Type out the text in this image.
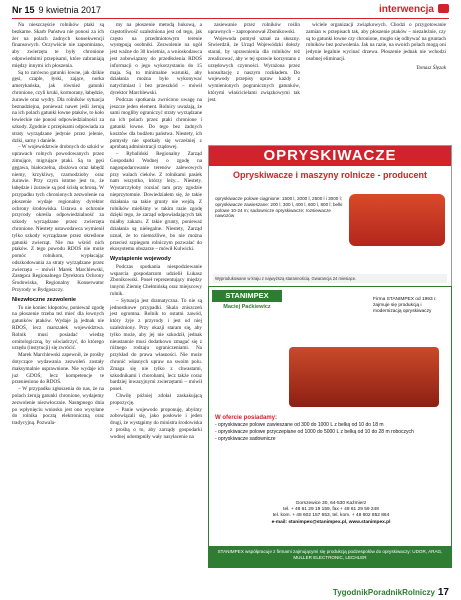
Nr 15 9 kwietnia 2017	interwencja

Na nieszczęście rolników ptaki są bezkarne. Skarb Państwa nie ponosi za ich żer na polach żadnych konsekwencji finansowych. Oczywiście nie zapomniano, aby zwierzęta te były chronione odpowiednimi przepisami, które zabraniają między innymi ich płoszenia.

Są to zarówno gatunki łowne, jak dzikie gęsi, czaple, łyski, zające, norka amerykańska, jak również gatunki chronione, czyli kruki, kormorany, łabędzie, żurawie oraz wydry. Dla rolników sytuacja beznadziejna, ponieważ nawet jeśli żerują na ich polach gatunki łowne ptaków, to koło łowieckie nie ponosi odpowiedzialności za szkody. Zgodnie z przepisami odpowiada za straty wyrządzane jedynie przez jelenie, dziki, sarny i daniele.

– W województwie drobnych do szkód w uprawach rolnych powodowanych przez zimujące, migrujące ptaki. Są to gęsi gęgawa, białoczelna, zbożowa oraz łabędź niemy, krzykliwy, czarnodzioby oraz żurawie. Przy czym istotne jest to, że łabędzie i żurawie są pod ścisłą ochroną. W przypadku tych chronionych zezwolenie na płoszenie wydaje regionalny dyrektor ochrony środowiska. Ustawa o ochronie przyrody określa odpowiedzialność za szkody wyrządzane przez zwierzęta chronione. Niestety ustawodawca wymienił tylko szkody wyrządzane przez określone gatunki zwierząt. Nie ma wśród nich ptaków. Z tego powodu RDOŚ nie może pomóc rolnikom, wypłacając odszkodowania za straty wyrządzane przez zwierzęta – mówił Marek Marchlewski, Zastępca Regionalnego Dyrektora Ochrony Środowiska, Regionalny Konserwator Przyrody w Bydgoszczy.

Niezwłoczne zezwolenie

To nie koniec kłopotów, ponieważ zgodę na płoszenie trzeba też mieć dla łownych gatunków ptaków. Wydaje ją jednak nie RDOŚ, lecz marszałek województwa. Rolnik musi posiadać wiedzę ornitologiczną, by uświadczyć, do którego urzędu (instytucji) się zwrócić.

Marek Marchlewski zapewnił, że prośby dotyczące wydawania zezwoleń zostały maksymalnie usprawnione. Nie wydaje ich już GDOŚ, lecz kompetencje te przeniesiono do RDOŚ.

– W przypadku zgłoszenia do nas, że na polach żerują gatunki chronione, wydajemy zezwolenie niezwłocznie. Następnego dnia po wpłynięciu wniosku jest ono wysyłane do rolnika pocztą elektroniczną oraz tradycyjną. Pozwala-

my na płoszenie metodą hukową, a częstotliwość uzależniona jest od tego, jak często na przedmiotowym terenie występują osobniki. Zezwolenie na ogół jest ważne do 30 kwietnia, a wnioskodawca jest zobowiązany do przedłożenia RDOŚ informacji o jego wykorzystaniu do 15 maja. Są to minimalne warunki, aby działania można było wykonywać natychmiast i bez przeszkód – mówił dyrektor Marchlewski.

Podczas spotkania zwrócono uwagę na jeszcze jeden element. Rolnicy uważają, że sami mogliby ograniczyć straty wyrządzane na ich polach przez ptaki chronione i gatunki łowne. Do tego bez żadnych kosztów dla budżetu państwa. Niestety, ich pomysły nie spotkały się wcześniej z aprobatą administracji rządowej.

– Rybaliński Regionalny Zarząd Gospodarki Wodnej o zgodę na nagospodarowanie terenów zalewowych przy walach cieków. Z rolnikami pasiek nam wszystko, którzy leży... Niestety. Wystarczyłoby rozsiać tam przy zgodzie nieprzytomnie. Dowiedziałem się, że takie działania na takie grunty nie wejdą. Z rolników mieliśmy w takim razie zgodę dzięki tego, że zarząd odpowiadających tak miałby zakazu. Z takie grunty, ponieważ działania są nielegalne. Niestety, Zarząd uznał, że to niemożliwe, bo nie można przecież szpiegom rolniczym pozwalać do ekosystemu obszarze – mówił Kulwicki.

Wystąpienie wojewody

Podczas spotkania niespodziewanie wsparcia gospodarzom udzielił Łukasz Zbonikowski. Poseł reprezentujący między innymi Ziemię Chełmińską oraz miejscowy rolnik.

– Sytuacja jest dramatyczna. To nie są jednostkowe przypadki. Skala zniszczeń jest ogromna. Rolnik to ostatni zawód, który żyje z przyrody i jest od niej uzależniony. Przy okazji staram się, aby tylko może, aby jej nie szkodził, jednak nieustannie musi dodatkowo zmagać się z różnego rodzaju ograniczeniami. Na przykład do prawa własności. Nie może chronić własnych upraw na swoim polu. Zmaga się nie tylko z chwastami, szkodnikami i chorobami, lecz także coraz bardziej inwazyjnymi zwierzętami – mówił poseł.

Chwilę później zdołał zaskakującą propozycję.

– Panie wojewodo proponuję, abyśmy zobowiązali się, jako posłowie i jeden drugi, że wystąpimy do ministra środowiska z prośbą o to, aby zarządy gospodarki wodnej udostępniły wały nasyłacenie na

zasiewanie przez rolników roślin uprawnych – zaproponował Zbonikowski.

Wojewoda pomysł uznał za słuszny. Stwierdził, że Urząd Wojewódzki dołoży starań, by uprawnienia dla rolników też zrealizować, aby w tej sprawie korzystano z urzędowych czynności. Wyrażona przez konsultację z naszym rozkładem. Do wojewody przepisy upraw każdy z wymienionych pogranicznych gatunków, którymi właścicielami związkowymi tak jest.

wiciele organizacji związkowych. Chodzi o przygotowanie zamian w przepisach tak, aby płoszenie ptaków – niezależnie, czy są to gatunki łowne czy chronione, mogło się odbywać na gruntach rolników bez pozwolenia. Jak na razie, na swoich polach mogą oni jedynie legalnie wycinać drzewa. Płoszenie jednak nie wchodzi osobnej eliminacji.

Tomasz Ślęzak
OPRYSKIWACZE
Opryskiwacze i maszyny rolnicze - producent
opryskiwacze polowe ciągnione: 1500 l, 2000 l, 2500 l i 3000 l; opryskiwacze zawieszane: 200 l, 300 l, 400 l, 600 l, 800 l; belki polowe 10-24 m; sadownicze opryskiwacze; rozsiewacze nawozów
Wyprodukowane w kraju z najwyższą starannością. Gwarancja 24 miesiące.
STANIMPEX
Maciej Paćkiewicz
Firma STANIMPEX od 1993 r. zajmuje się produkcją i modernizacją opryskiwaczy
W ofercie posiadamy:
- opryskiwacze polowe zawieszane od 300 do 1000 L z belką od 10 do 18 m
- opryskiwacze polowe przyczepiane od 1000 do 5000 L z belką od 10 do 28 m roboczych
- opryskiwacze sadownicze
Gorszewice 30, 64-530 Kaźmierz
tel. + 48 61 29 19 159, fax + 48 61 29 59 248
tel. kom. + 48 602 157 653, tel. kom. + 48 602 852 864
e-mail: stanimpex@stanimpex.pl, www.stanimpex.pl
STANIMPEX współpracuje z firmami zajmującymi się produkcją podzespołów do opryskiwaczy: UDOR, ARAG, MULLER ELECTRONIC, LECHLER
TygodnikPoradnikRolniczy 17
